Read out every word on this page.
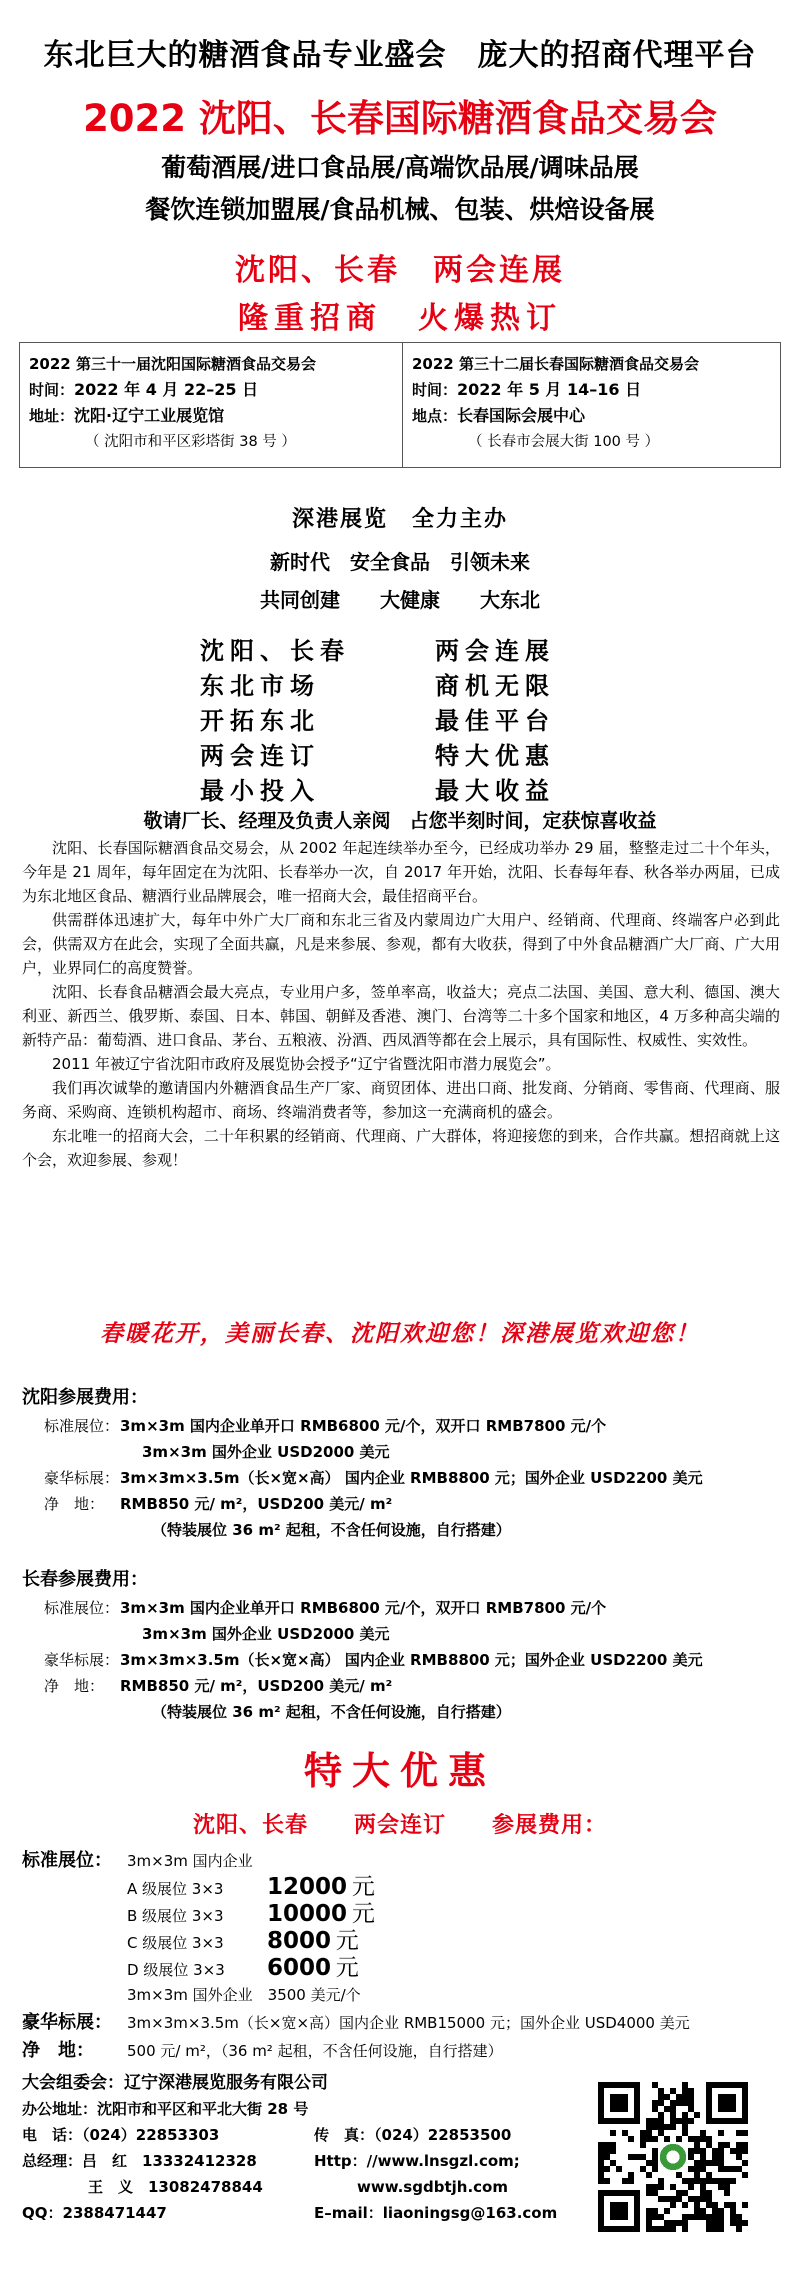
东北巨大的糖酒食品专业盛会　庞大的招商代理平台
2022 沈阳、长春国际糖酒食品交易会
葡萄酒展/进口食品展/高端饮品展/调味品展
餐饮连锁加盟展/食品机械、包装、烘焙设备展
沈阳、长春　两会连展
隆重招商　火爆热订
2022 第三十一届沈阳国际糖酒食品交易会
时间：2022 年 4 月 22–25 日
地址：沈阳·辽宁工业展览馆
（ 沈阳市和平区彩塔街 38 号 ）
2022 第三十二届长春国际糖酒食品交易会
时间：2022 年 5 月 14–16 日
地点：长春国际会展中心
（ 长春市会展大街 100 号 ）
深港展览　全力主办
新时代　安全食品　引领未来
共同创建　　大健康　　大东北
沈阳、长春	两会连展
东北市场	商机无限
开拓东北	最佳平台
两会连订	特大优惠
最小投入	最大收益
敬请厂长、经理及负责人亲阅　占您半刻时间，定获惊喜收益

沈阳、长春国际糖酒食品交易会，从 2002 年起连续举办至今，已经成功举办 29 届，整整走过二十个年头，今年是 21 周年，每年固定在为沈阳、长春举办一次，自 2017 年开始，沈阳、长春每年春、秋各举办两届，已成为东北地区食品、糖酒行业品牌展会，唯一招商大会，最佳招商平台。

供需群体迅速扩大，每年中外广大厂商和东北三省及内蒙周边广大用户、经销商、代理商、终端客户必到此会，供需双方在此会，实现了全面共赢，凡是来参展、参观，都有大收获，得到了中外食品糖酒广大厂商、广大用户，业界同仁的高度赞誉。

沈阳、长春食品糖酒会最大亮点，专业用户多，签单率高，收益大；亮点二法国、美国、意大利、德国、澳大利亚、新西兰、俄罗斯、泰国、日本、韩国、朝鲜及香港、澳门、台湾等二十多个国家和地区，4 万多种高尖端的新特产品：葡萄酒、进口食品、茅台、五粮液、汾酒、西凤酒等都在会上展示，具有国际性、权威性、实效性。

2011 年被辽宁省沈阳市政府及展览协会授予“辽宁省暨沈阳市潜力展览会”。

我们再次诚挚的邀请国内外糖酒食品生产厂家、商贸团体、进出口商、批发商、分销商、零售商、代理商、服务商、采购商、连锁机构超市、商场、终端消费者等，参加这一充满商机的盛会。

东北唯一的招商大会，二十年积累的经销商、代理商、广大群体，将迎接您的到来，合作共赢。想招商就上这个会，欢迎参展、参观！

春暖花开，美丽长春、沈阳欢迎您！深港展览欢迎您！
沈阳参展费用：
标准展位：3m×3m 国内企业单开口 RMB6800 元/个，双开口 RMB7800 元/个
3m×3m 国外企业 USD2000 美元
豪华标展：3m×3m×3.5m（长×宽×高） 国内企业 RMB8800 元；国外企业 USD2200 美元
净　地： RMB850 元/ m²，USD200 美元/ m²
（特装展位 36 m² 起租，不含任何设施，自行搭建）
长春参展费用：
标准展位：3m×3m 国内企业单开口 RMB6800 元/个，双开口 RMB7800 元/个
3m×3m 国外企业 USD2000 美元
豪华标展：3m×3m×3.5m（长×宽×高） 国内企业 RMB8800 元；国外企业 USD2200 美元
净　地： RMB850 元/ m²，USD200 美元/ m²
（特装展位 36 m² 起租，不含任何设施，自行搭建）
特大优惠
沈阳、长春　　两会连订　　参展费用：
标准展位： 3m×3m 国内企业
A 级展位 3×3 12000 元
B 级展位 3×3 10000 元
C 级展位 3×3 8000 元
D 级展位 3×3 6000 元
3m×3m 国外企业　3500 美元/个
豪华标展： 3m×3m×3.5m（长×宽×高）国内企业 RMB15000 元；国外企业 USD4000 美元
净　地： 500 元/ m²，（36 m² 起租，不含任何设施，自行搭建）
大会组委会：辽宁深港展览服务有限公司
办公地址：沈阳市和平区和平北大街 28 号
电　话：（024）22853303	传　真：（024）22853500
总经理：吕　红　13332412328	Http：//www.lnsgzl.com;
王　义　13082478844	www.sgdbtjh.com
QQ：2388471447	E–mail：liaoningsg@163.com
